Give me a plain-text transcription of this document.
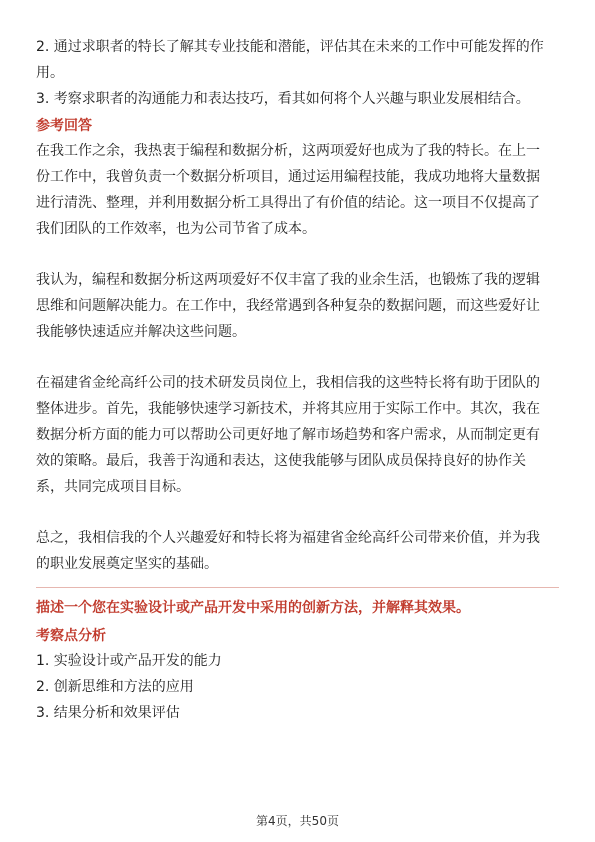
2. 通过求职者的特长了解其专业技能和潜能，评估其在未来的工作中可能发挥的作

用。

3. 考察求职者的沟通能力和表达技巧，看其如何将个人兴趣与职业发展相结合。

参考回答

在我工作之余，我热衷于编程和数据分析，这两项爱好也成为了我的特长。在上一

份工作中，我曾负责一个数据分析项目，通过运用编程技能，我成功地将大量数据

进行清洗、整理，并利用数据分析工具得出了有价值的结论。这一项目不仅提高了

我们团队的工作效率，也为公司节省了成本。

我认为，编程和数据分析这两项爱好不仅丰富了我的业余生活，也锻炼了我的逻辑

思维和问题解决能力。在工作中，我经常遇到各种复杂的数据问题，而这些爱好让

我能够快速适应并解决这些问题。

在福建省金纶高纤公司的技术研发员岗位上，我相信我的这些特长将有助于团队的

整体进步。首先，我能够快速学习新技术，并将其应用于实际工作中。其次，我在

数据分析方面的能力可以帮助公司更好地了解市场趋势和客户需求，从而制定更有

效的策略。最后，我善于沟通和表达，这使我能够与团队成员保持良好的协作关

系，共同完成项目目标。

总之，我相信我的个人兴趣爱好和特长将为福建省金纶高纤公司带来价值，并为我

的职业发展奠定坚实的基础。

描述一个您在实验设计或产品开发中采用的创新方法，并解释其效果。

考察点分析

1. 实验设计或产品开发的能力

2. 创新思维和方法的应用

3. 结果分析和效果评估

第4页，共50页
